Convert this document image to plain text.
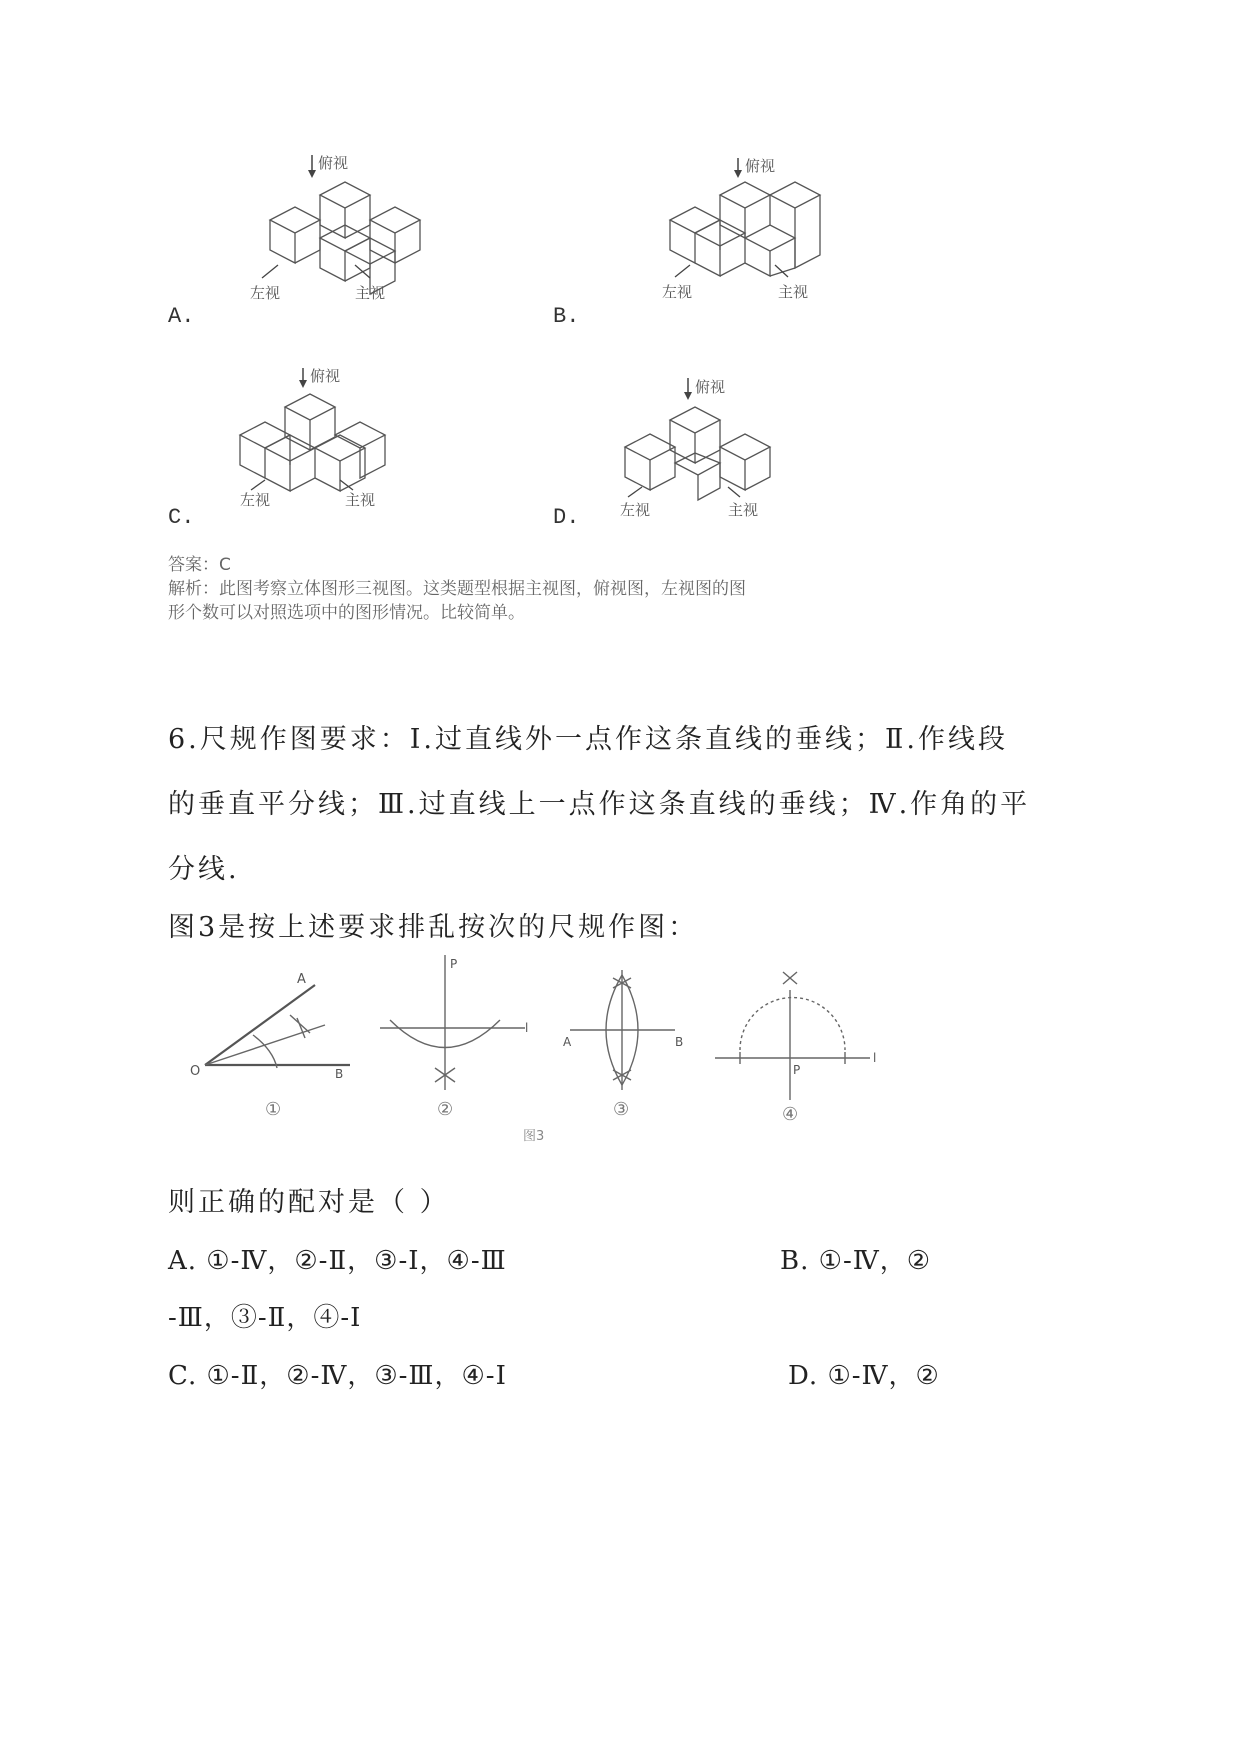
俯视
左视	主视
A.
俯视
左视	主视
B.
俯视
左视	主视
C.
俯视
左视	主视
D.
答案：C
解析：此图考察立体图形三视图。这类题型根据主视图，俯视图，左视图的图
形个数可以对照选项中的图形情况。比较简单。
6.尺规作图要求：Ⅰ.过直线外一点作这条直线的垂线；Ⅱ.作线段
的垂直平分线；Ⅲ.过直线上一点作这条直线的垂线；Ⅳ.作角的平
分线.
图3是按上述要求排乱按次的尺规作图：
A
O	B
P
l
A	B
P
l
①	②	③	④
图3
则正确的配对是（ ）
A. ①-Ⅳ，②-Ⅱ，③-Ⅰ，④-Ⅲ	B. ①-Ⅳ，②
-Ⅲ，③-Ⅱ，④-Ⅰ
C. ①-Ⅱ，②-Ⅳ，③-Ⅲ，④-Ⅰ	D. ①-Ⅳ，②
